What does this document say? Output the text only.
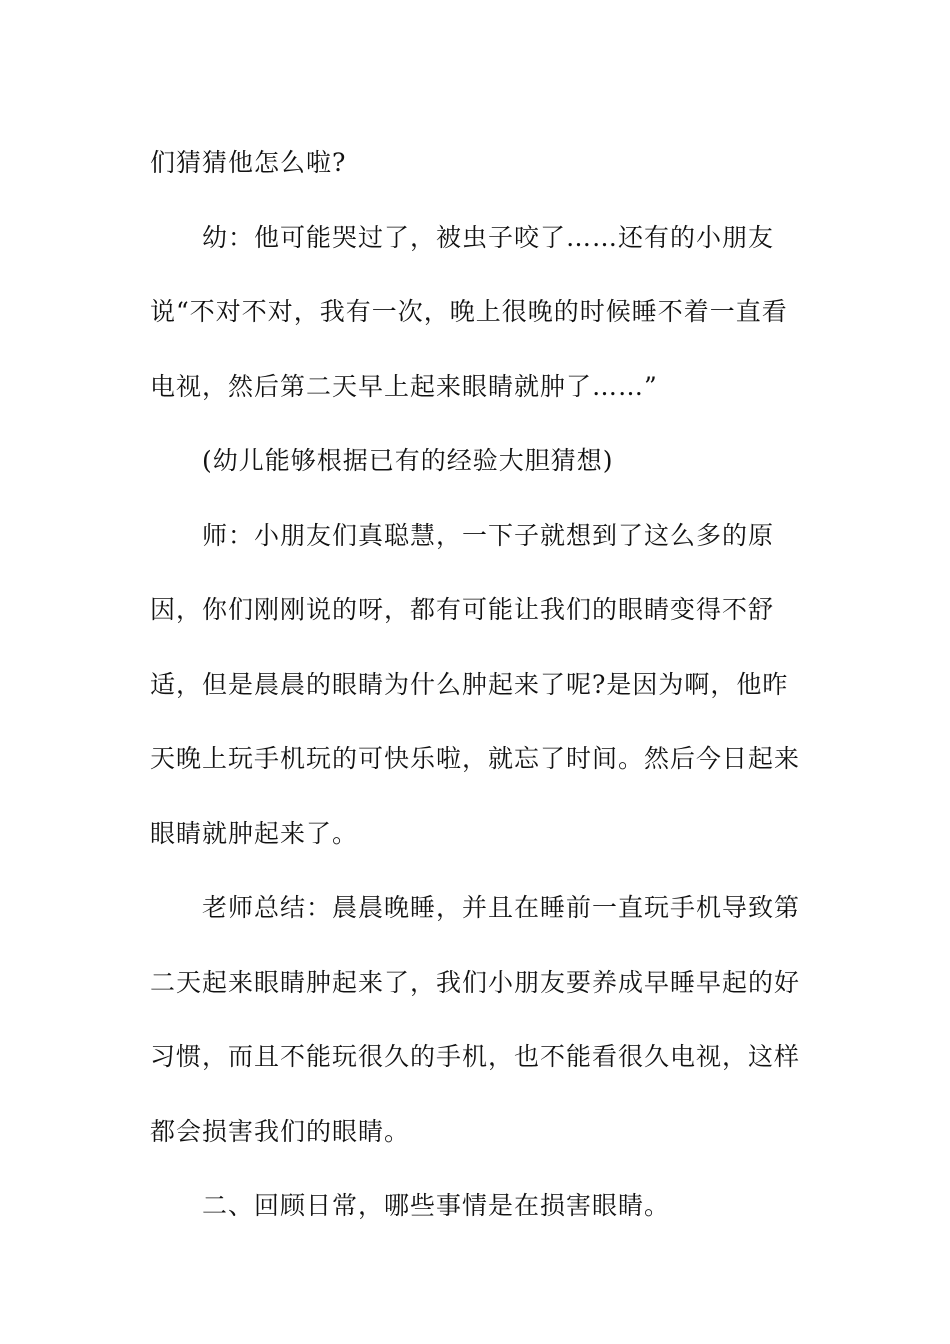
们猜猜他怎么啦?

幼：他可能哭过了，被虫子咬了……还有的小朋友说“不对不对，我有一次，晚上很晚的时候睡不着一直看电视，然后第二天早上起来眼睛就肿了……”

(幼儿能够根据已有的经验大胆猜想)

师：小朋友们真聪慧，一下子就想到了这么多的原因，你们刚刚说的呀，都有可能让我们的眼睛变得不舒适，但是晨晨的眼睛为什么肿起来了呢?是因为啊，他昨天晚上玩手机玩的可快乐啦，就忘了时间。然后今日起来眼睛就肿起来了。

老师总结：晨晨晚睡，并且在睡前一直玩手机导致第二天起来眼睛肿起来了，我们小朋友要养成早睡早起的好习惯，而且不能玩很久的手机，也不能看很久电视，这样都会损害我们的眼睛。

二、回顾日常，哪些事情是在损害眼睛。
